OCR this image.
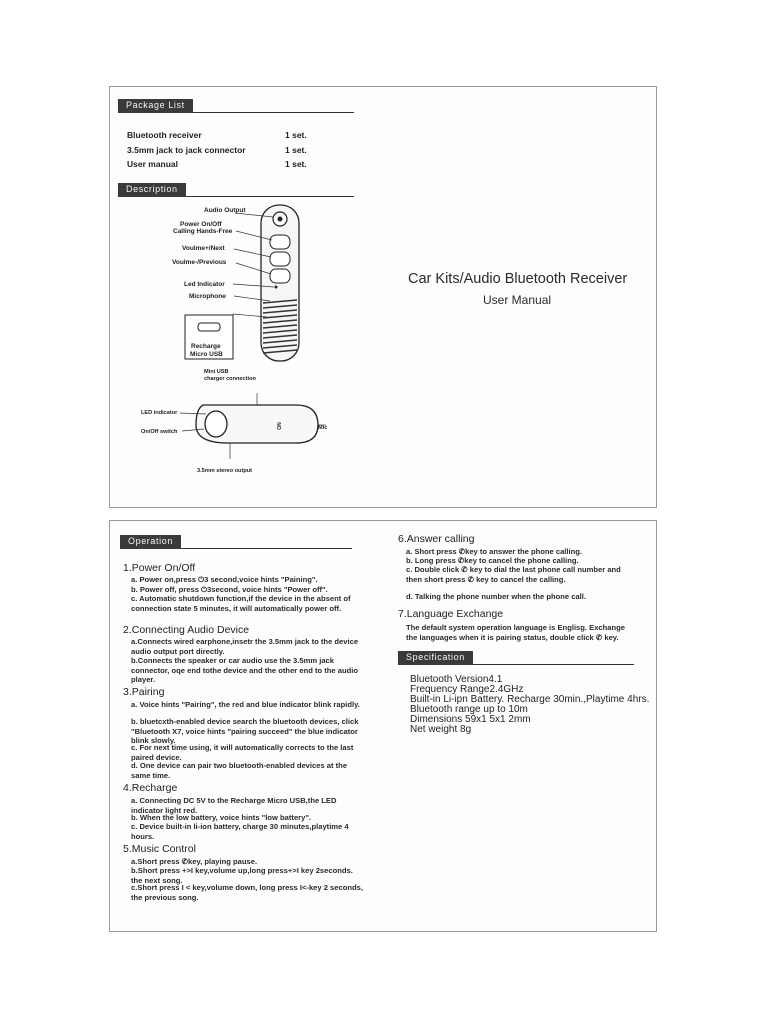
Package List
Bluetooth receiver	1 set.
3.5mm jack to jack connector	1 set.
User manual	1 set.
Description
Audio Output
Power On/Off
Calling Hands-Free
Voulme+/Next
Voulme-/Previous
Led Indicator
Microphone
Recharge
Micro USB
Mini USB
charger connection
LED indicator
On/Off switch
Mic
ON
3.5mm stereo output
Car Kits/Audio Bluetooth Receiver
User Manual
Operation
1.Power On/Off
a. Power on,press ⏻3 second,voice hints "Paining".
b. Power off, press ⏻3second, voice hints "Power off".
c. Automatic shutdown function,if the device in the absent of connection state 5 minutes, it will automatically power off.
2.Connecting Audio Device
a.Connects wired earphone,insetr the 3.5mm jack to the device audio output port directly.
b.Connects the speaker or car audio use the 3.5mm jack connector, oqe end tothe device and the other end to the audio player.
3.Pairing
a. Voice hints "Pairing", the red and blue indicator blink rapidly.
b. bluetcxth-enabled device search the bluetooth devices, click "Bluetooth X7, voice hints "pairing succeed" the blue indicator blink slowly.
c. For next time using, it will automatically corrects to the last paired device.
d. One device can pair two bluetooth-enabled devices at the same time.
4.Recharge
a. Connecting DC 5V to the Recharge Micro USB,the LED indicator light red.
b. When the low battery, voice hints "low battery".
c. Device built-in li-ion battery, charge 30 minutes,playtime 4 hours.
5.Music Control
a.Short press ✆key, playing pause.
b.Short press +>I key,volume up,long press+>I key 2seconds. the next song.
c.Short press I < key,volume down, long press I<-key 2 seconds, the previous song.
6.Answer calling
a. Short press ✆key to answer the phone calling.
b. Long press ✆key to cancel the phone calling.
c. Double click ✆ key to dial the last phone call number and then short press ✆ key to cancel the calling.
d. Talking the phone number when the phone call.
7.Language Exchange
The default system operation language is Englisg. Exchange the languages when it is pairing status, double click ✆ key.
Specification
Bluetooth Version4.1
Frequency Range2.4GHz
Built-in Li-ipn Battery. Recharge 30min.,Playtime 4hrs.
Bluetooth range up to 10m
Dimensions 59x1 5x1 2mm
Net weight 8g
